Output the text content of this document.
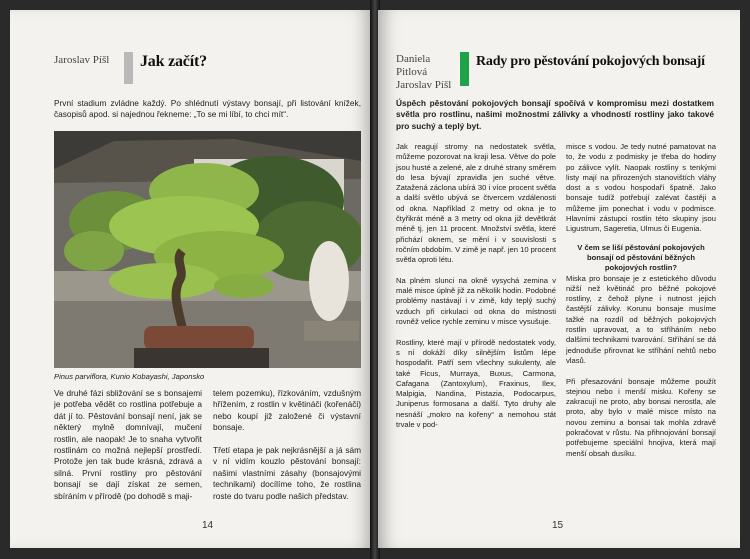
Jaroslav Píšl Jak začít?

První stadium zvládne každý. Po shlédnutí výstavy bonsají, při listování knížek, časopisů apod. si najednou řekneme: „To se mi líbí, to chci mít“.

Pinus parviflora, Kunio Kobayashi, Japonsko

Ve druhé fázi sbližování se s bonsajemi je potřeba vědět co rostlina potřebuje a dát jí to. Pěstování bonsají není, jak se některý mylně domnívají, mučení rostlin, ale naopak! Je to snaha vytvořit rostlinám co možná nejlepší prostředí. Protože jen tak bude krásná, zdravá a silná. První rostliny pro pěstování bonsají se dají získat ze semen, sbíráním v přírodě (po dohodě s maji-

telem pozemku), řízkováním, vzdušným hřížením, z rostlin v květináči (kořenáči) nebo koupí již založené či výstavní bonsaje.

Třetí etapa je pak nejkrásnější a já sám v ní vidím kouzlo pěstování bonsají: našimi vlastními zásahy (bonsajovými technikami) docílíme toho, že rostlina roste do tvaru podle našich představ.

14
Daniela Pitlová Jaroslav Píšl
Rady pro pěstování pokojových bonsají

Úspěch pěstování pokojových bonsají spočívá v kompromisu mezi dostatkem světla pro rostlinu, našimi možnostmi zálivky a vhodností rostliny jako takové pro suchý a teplý byt.

Jak reagují stromy na nedostatek světla, můžeme pozorovat na kraji lesa. Větve do pole jsou husté a zelené, ale z druhé strany směrem do lesa bývají zpravidla jen suché větve. Zatažená záclona ubírá 30 i více procent světla a další světlo ubývá se čtvercem vzdálenosti od okna. Například 2 metry od okna je to čtyřikrát méně a 3 metry od okna již devětkrát méně tj. jen 11 procent. Množství světla, které přichází oknem, se mění i v souvislosti s ročním obdobím. V zimě je např. jen 10 procent světla oproti létu.

Na plném slunci na okně vysychá zemina v malé misce úplně již za několik hodin. Podobné problémy nastávají i v zimě, kdy teplý suchý vzduch při cirkulaci od okna do místnosti rovněž velice rychle zeminu v misce vysušuje.

Rostliny, které mají v přírodě nedostatek vody, s ní dokáží díky silnějším listům lépe hospodařit. Patří sem všechny sukulenty, ale také Ficus, Murraya, Buxus, Carmona, Cafagana (Zantoxylum), Fraxinus, Ilex, Malpigia, Nandina, Pistazia, Podocarpus, Juniperus formosana a další. Tyto druhy ale nesnáší „mokro na kořeny“ a nemohou stát trvale v pod-

misce s vodou. Je tedy nutné pamatovat na to, že vodu z podmisky je třeba do hodiny po zálivce vylít. Naopak rostliny s tenkými listy mají na přirozených stanovištích vláhy dost a s vodou hospodaří špatně. Jako bonsaje tudíž potřebují zalévat častěji a můžeme jim ponechat i vodu v podmisce. Hlavními zástupci rostlin této skupiny jsou Ligustrum, Sageretia, Ulmus či Eugenia.

V čem se liší pěstování pokojových bonsají od pěstování běžných pokojových rostlin?

Miska pro bonsaje je z estetického důvodu nižší než květináč pro běžné pokojové rostliny, z čehož plyne i nutnost jejich častější zálivky. Korunu bonsaje musíme tažké na rozdíl od běžných pokojových rostlin upravovat, a to stříháním nebo dalšími technikami tvarování. Stříhání se dá jednoduše přirovnat ke stříhání nehtů nebo vlasů.

Při přesazování bonsaje můžeme použít stejnou nebo i menší misku. Kořeny se zakracují ne proto, aby bonsai nerostla, ale proto, aby bylo v malé misce místo na novou zeminu a bonsai tak mohla zdravě pokračovat v růstu. Na přihnojování bonsají potřebujeme speciální hnojiva, která mají menší obsah dusíku.

15
